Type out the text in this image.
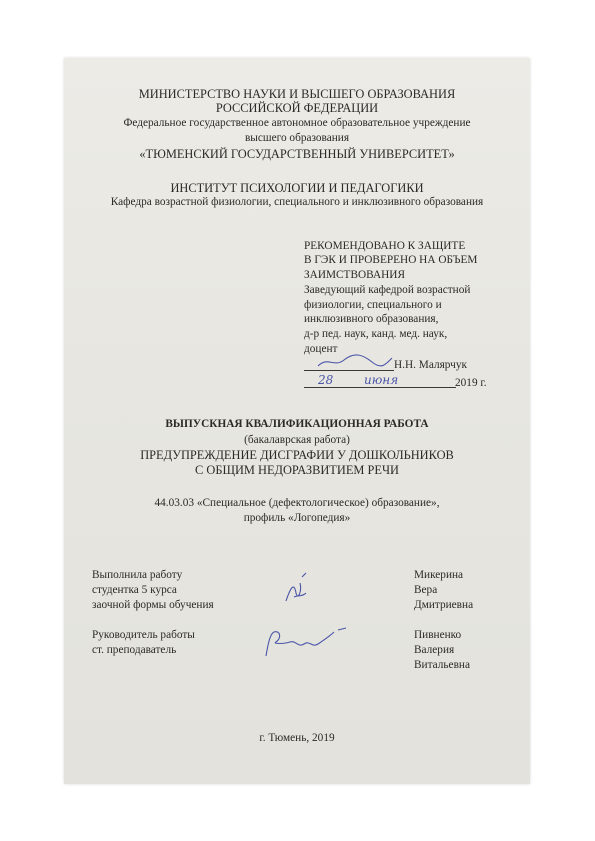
МИНИСТЕРСТВО НАУКИ И ВЫСШЕГО ОБРАЗОВАНИЯ
РОССИЙСКОЙ ФЕДЕРАЦИИ
Федеральное государственное автономное образовательное учреждение
высшего образования
«ТЮМЕНСКИЙ ГОСУДАРСТВЕННЫЙ УНИВЕРСИТЕТ»
ИНСТИТУТ ПСИХОЛОГИИ И ПЕДАГОГИКИ
Кафедра возрастной физиологии, специального и инклюзивного образования
РЕКОМЕНДОВАНО К ЗАЩИТЕ
В ГЭК И ПРОВЕРЕНО НА ОБЪЕМ
ЗАИМСТВОВАНИЯ
Заведующий кафедрой возрастной
физиологии, специального и
инклюзивного образования,
д-р пед. наук, канд. мед. наук,
доцент
Н.Н. Малярчук
28	июня	2019 г.
ВЫПУСКНАЯ КВАЛИФИКАЦИОННАЯ РАБОТА
(бакалаврская работа)
ПРЕДУПРЕЖДЕНИЕ ДИСГРАФИИ У ДОШКОЛЬНИКОВ
С ОБЩИМ НЕДОРАЗВИТИЕМ РЕЧИ
44.03.03 «Специальное (дефектологическое) образование»,
профиль «Логопедия»
Выполнила работу
студентка 5 курса
заочной формы обучения
Микерина
Вера
Дмитриевна
Руководитель работы
ст. преподаватель
Пивненко
Валерия
Витальевна
г. Тюмень, 2019
